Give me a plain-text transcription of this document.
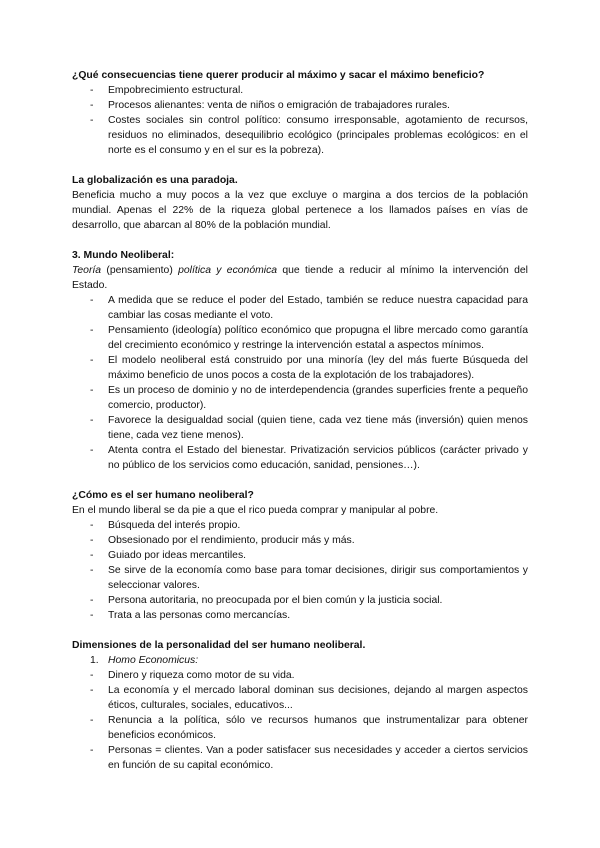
¿Qué consecuencias tiene querer producir al máximo y sacar el máximo beneficio?

- Empobrecimiento estructural.
- Procesos alienantes: venta de niños o emigración de trabajadores rurales.
- Costes sociales sin control político: consumo irresponsable, agotamiento de recursos, residuos no eliminados, desequilibrio ecológico (principales problemas ecológicos: en el norte es el consumo y en el sur es la pobreza).

La globalización es una paradoja.

Beneficia mucho a muy pocos a la vez que excluye o margina a dos tercios de la población mundial. Apenas el 22% de la riqueza global pertenece a los llamados países en vías de desarrollo, que abarcan al 80% de la población mundial.

3. Mundo Neoliberal:

Teoría (pensamiento) política y económica que tiende a reducir al mínimo la intervención del Estado.

- A medida que se reduce el poder del Estado, también se reduce nuestra capacidad para cambiar las cosas mediante el voto.
- Pensamiento (ideología) político económico que propugna el libre mercado como garantía del crecimiento económico y restringe la intervención estatal a aspectos mínimos.
- El modelo neoliberal está construido por una minoría (ley del más fuerte Búsqueda del máximo beneficio de unos pocos a costa de la explotación de los trabajadores).
- Es un proceso de dominio y no de interdependencia (grandes superficies frente a pequeño comercio, productor).
- Favorece la desigualdad social (quien tiene, cada vez tiene más (inversión) quien menos tiene, cada vez tiene menos).
- Atenta contra el Estado del bienestar. Privatización servicios públicos (carácter privado y no público de los servicios como educación, sanidad, pensiones…).

¿Cómo es el ser humano neoliberal?

En el mundo liberal se da pie a que el rico pueda comprar y manipular al pobre.

- Búsqueda del interés propio.
- Obsesionado por el rendimiento, producir más y más.
- Guiado por ideas mercantiles.
- Se sirve de la economía como base para tomar decisiones, dirigir sus comportamientos y seleccionar valores.
- Persona autoritaria, no preocupada por el bien común y la justicia social.
- Trata a las personas como mercancías.

Dimensiones de la personalidad del ser humano neoliberal.

1. Homo Economicus:
- Dinero y riqueza como motor de su vida.
- La economía y el mercado laboral dominan sus decisiones, dejando al margen aspectos éticos, culturales, sociales, educativos...
- Renuncia a la política, sólo ve recursos humanos que instrumentalizar para obtener beneficios económicos.
- Personas = clientes. Van a poder satisfacer sus necesidades y acceder a ciertos servicios en función de su capital económico.
